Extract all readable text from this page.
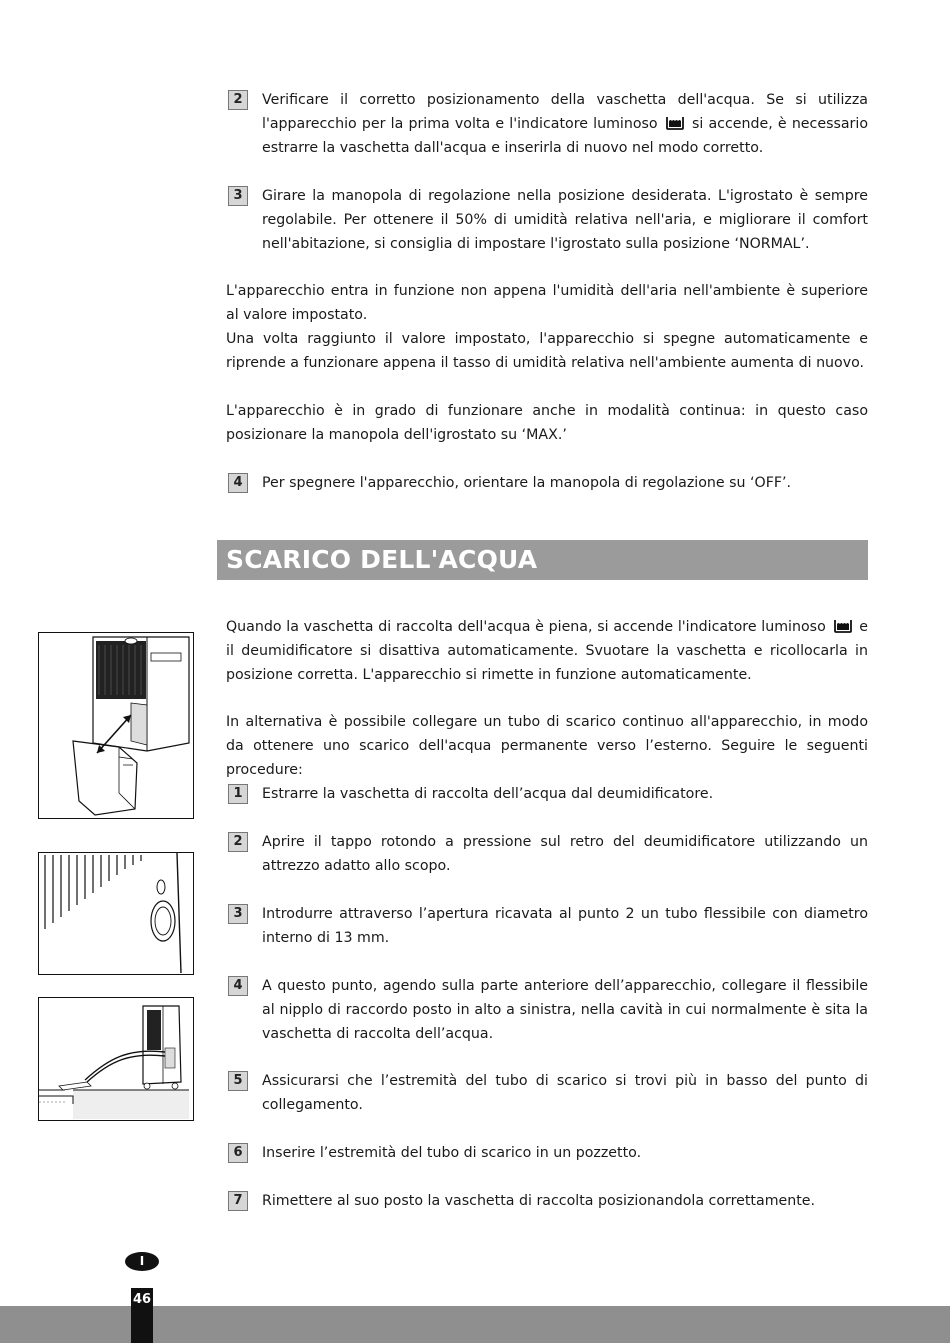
2	Verificare il corretto posizionamento della vaschetta dell'acqua. Se si utilizza l'apparecchio per la prima volta e l'indicatore luminoso  si accende, è necessario estrarre la vaschetta dall'acqua e inserirla di nuovo nel modo corretto.

3	Girare la manopola di regolazione nella posizione desiderata. L'igrostato è sempre regolabile. Per ottenere il 50% di umidità relativa nell'aria, e migliorare il comfort nell'abitazione, si consiglia di impostare l'igrostato sulla posizione ‘NORMAL’.

L'apparecchio entra in funzione non appena l'umidità dell'aria nell'ambiente è superiore al valore impostato.

Una volta raggiunto il valore impostato, l'apparecchio si spegne automaticamente e riprende a funzionare appena il tasso di umidità relativa nell'ambiente aumenta di nuovo.

L'apparecchio è in grado di funzionare anche in modalità continua: in questo caso posizionare la manopola dell'igrostato su ‘MAX.’

4	Per spegnere l'apparecchio, orientare la manopola di regolazione su ‘OFF’.

SCARICO DELL'ACQUA

Quando la vaschetta di raccolta dell'acqua è piena, si accende l'indicatore luminoso  e il deumidificatore si disattiva automaticamente. Svuotare la vaschetta e ricollocarla in posizione corretta. L'apparecchio si rimette in funzione automaticamente.

In alternativa è possibile collegare un tubo di scarico continuo all'apparecchio, in modo da ottenere uno scarico dell'acqua permanente verso l’esterno. Seguire le seguenti procedure:

1	Estrarre la vaschetta di raccolta dell’acqua dal deumidificatore.

2	Aprire il tappo rotondo a pressione sul retro del deumidificatore utilizzando un attrezzo adatto allo scopo.

3	Introdurre attraverso l’apertura ricavata al punto 2 un tubo flessibile con diametro interno di 13 mm.

4	A questo punto, agendo sulla parte anteriore dell’apparecchio, collegare il flessibile al nipplo di raccordo posto in alto a sinistra, nella cavità in cui normalmente è sita la vaschetta di raccolta dell’acqua.

5	Assicurarsi che l’estremità del tubo di scarico si trovi più in basso del punto di collegamento.

6	Inserire l’estremità del tubo di scarico in un pozzetto.

7	Rimettere al suo posto la vaschetta di raccolta posizionandola correttamente.

46
I
